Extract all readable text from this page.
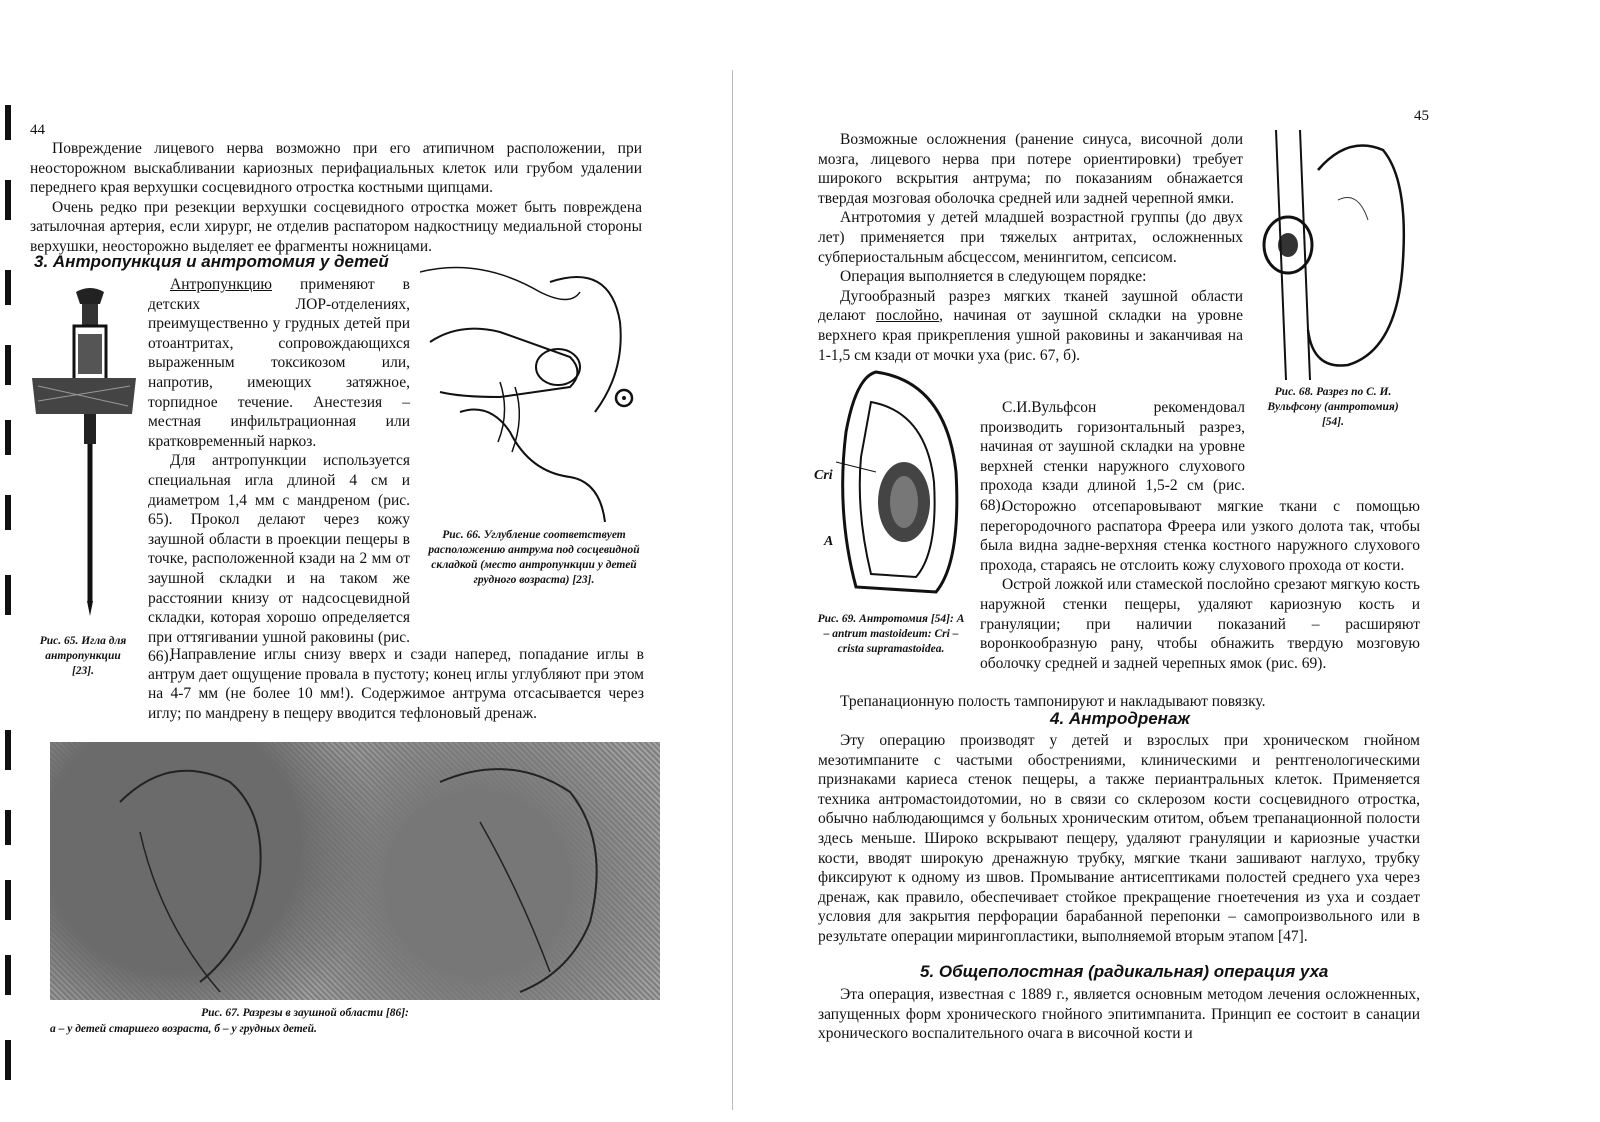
44

Повреждение лицевого нерва возможно при его атипичном расположении, при неосторожном выскабливании кариозных перифациальных клеток или грубом удалении переднего края верхушки сосцевидного отростка костными щипцами.

Очень редко при резекции верхушки сосцевидного отростка может быть повреждена затылочная артерия, если хирург, не отделив распатором надкостницу медиальной стороны верхушки, неосторожно выделяет ее фрагменты ножницами.

3. Антропункция и антротомия у детей
Рис. 65. Игла для антропункции [23].

Антропункцию применяют в детских ЛОР-отделениях, преимущественно у грудных детей при отоантритах, сопровождающихся выраженным токсикозом или, напротив, имеющих затяжное, торпидное течение. Анестезия – местная инфильтрационная или кратковременный наркоз.

Для антропункции используется специальная игла длиной 4 см и диаметром 1,4 мм с мандреном (рис. 65). Прокол делают через кожу заушной области в проекции пещеры в точке, расположенной кзади на 2 мм от заушной складки и на таком же расстоянии книзу от надсосцевидной складки, которая хорошо определяется при оттягивании ушной раковины (рис. 66).

Рис. 66. Углубление соответствует расположению антрума под сосцевидной складкой (место антропункции у детей грудного возраста) [23].

Направление иглы снизу вверх и сзади наперед, попадание иглы в антрум дает ощущение провала в пустоту; конец иглы углубляют при этом на 4-7 мм (не более 10 мм!). Содержимое антрума отсасывается через иглу; по мандрену в пещеру вводится тефлоновый дренаж.

Рис. 67. Разрезы в заушной области [86]:
а – у детей старшего возраста, б – у грудных детей.
45

Возможные осложнения (ранение синуса, височной доли мозга, лицевого нерва при потере ориентировки) требует широкого вскрытия антрума; по показаниям обнажается твердая мозговая оболочка средней или задней черепной ямки.

Антротомия у детей младшей возрастной группы (до двух лет) применяется при тяжелых антритах, осложненных субпериостальным абсцессом, менингитом, сепсисом.

Операция выполняется в следующем порядке:

Дугообразный разрез мягких тканей заушной области делают послойно, начиная от заушной складки на уровне верхнего края прикрепления ушной раковины и заканчивая на 1-1,5 см кзади от мочки уха (рис. 67, б).

Рис. 68. Разрез по С. И. Вульфсону (антротомия) [54].
Cri
A
Рис. 69. Антротомия [54]: A – antrum mastoideum: Cri – crista supramastoidea.

С.И.Вульфсон рекомендовал производить горизонтальный разрез, начиная от заушной складки на уровне верхней стенки наружного слухового прохода кзади длиной 1,5-2 см (рис. 68).

Осторожно отсепаровывают мягкие ткани с помощью перегородочного распатора Фреера или узкого долота так, чтобы была видна задне-верхняя стенка костного наружного слухового прохода, стараясь не отслоить кожу слухового прохода от кости.

Острой ложкой или стамеской послойно срезают мягкую кость наружной стенки пещеры, удаляют кариозную кость и грануляции; при наличии показаний – расширяют воронкообразную рану, чтобы обнажить твердую мозговую оболочку средней и задней черепных ямок (рис. 69).

Трепанационную полость тампонируют и накладывают повязку.

4. Антродренаж

Эту операцию производят у детей и взрослых при хроническом гнойном мезотимпаните с частыми обострениями, клиническими и рентгенологическими признаками кариеса стенок пещеры, а также периантральных клеток. Применяется техника антромастоидотомии, но в связи со склерозом кости сосцевидного отростка, обычно наблюдающимся у больных хроническим отитом, объем трепанационной полости здесь меньше. Широко вскрывают пещеру, удаляют грануляции и кариозные участки кости, вводят широкую дренажную трубку, мягкие ткани зашивают наглухо, трубку фиксируют к одному из швов. Промывание антисептиками полостей среднего уха через дренаж, как правило, обеспечивает стойкое прекращение гноетечения из уха и создает условия для закрытия перфорации барабанной перепонки – самопроизвольного или в результате операции мирингопластики, выполняемой вторым этапом [47].

5. Общеполостная (радикальная) операция уха

Эта операция, известная с 1889 г., является основным методом лечения осложненных, запущенных форм хронического гнойного эпитимпанита. Принцип ее состоит в санации хронического воспалительного очага в височной кости и
